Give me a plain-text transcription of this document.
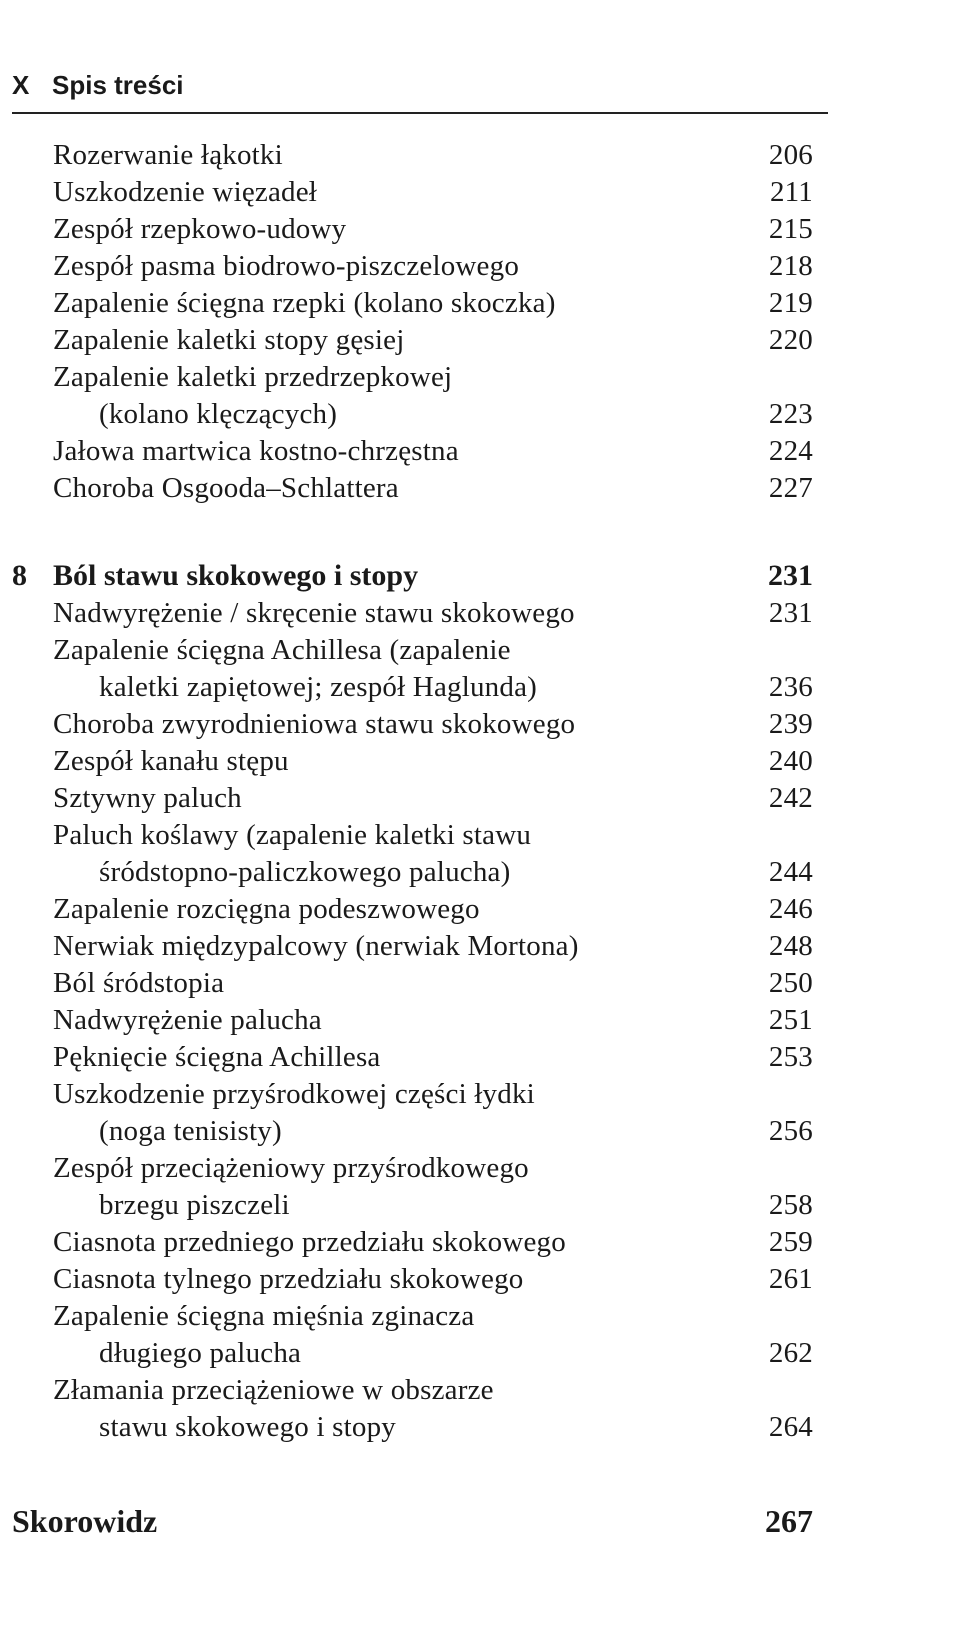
X Spis treści
Rozerwanie łąkotki	206
Uszkodzenie więzadeł	211
Zespół rzepkowo-udowy	215
Zespół pasma biodrowo-piszczelowego	218
Zapalenie ścięgna rzepki (kolano skoczka)	219
Zapalenie kaletki stopy gęsiej	220
Zapalenie kaletki przedrzepkowej
(kolano klęczących)	223
Jałowa martwica kostno-chrzęstna	224
Choroba Osgooda–Schlattera	227
8 Ból stawu skokowego i stopy	231
Nadwyrężenie / skręcenie stawu skokowego	231
Zapalenie ścięgna Achillesa (zapalenie
kaletki zapiętowej; zespół Haglunda)	236
Choroba zwyrodnieniowa stawu skokowego	239
Zespół kanału stępu	240
Sztywny paluch	242
Paluch koślawy (zapalenie kaletki stawu
śródstopno-paliczkowego palucha)	244
Zapalenie rozcięgna podeszwowego	246
Nerwiak międzypalcowy (nerwiak Mortona)	248
Ból śródstopia	250
Nadwyrężenie palucha	251
Pęknięcie ścięgna Achillesa	253
Uszkodzenie przyśrodkowej części łydki
(noga tenisisty)	256
Zespół przeciążeniowy przyśrodkowego
brzegu piszczeli	258
Ciasnota przedniego przedziału skokowego	259
Ciasnota tylnego przedziału skokowego	261
Zapalenie ścięgna mięśnia zginacza
długiego palucha	262
Złamania przeciążeniowe w obszarze
stawu skokowego i stopy	264
Skorowidz	267
